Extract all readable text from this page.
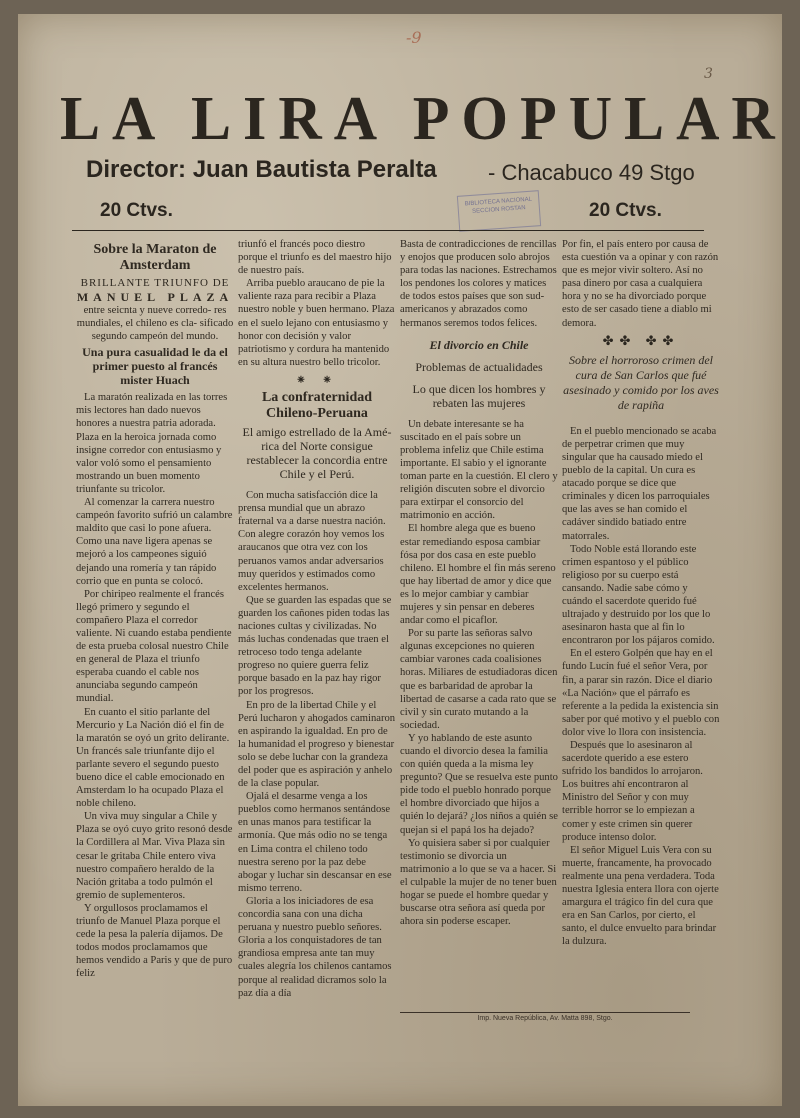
-9
3
LA LIRA POPULAR
Director: Juan Bautista Peralta - Chacabuco 49 Stgo
20 Ctvs.	BIBLIOTECA NACIONAL SECCION ROSTAN	20 Ctvs.
Sobre la Maraton de Amsterdam
BRILLANTE TRIUNFO DE
MANUEL PLAZA

entre seicnta y nueve corredo- res mundiales, el chileno es cla- sificado segundo campeón del mundo.

Una pura casualidad le da el primer puesto al francés mister Huach

La maratón realizada en las torres mis lectores han dado nuevos honores a nuestra patria adorada. Plaza en la heroica jornada como insigne corredor con entusiasmo y valor voló somo el pensamiento mostrando un buen momento triunfante su tricolor.

Al comenzar la carrera nuestro campeón favorito sufrió un calambre maldito que casi lo pone afuera. Como una nave ligera apenas se mejoró a los campeones siguió dejando una romería y tan rápido corrio que en punta se colocó.

Por chiripeo realmente el francés llegó primero y segundo el compañero Plaza el corredor valiente. Ni cuando estaba pendiente de esta prueba colosal nuestro Chile en general de Plaza el triunfo esperaba cuando el cable nos anunciaba segundo campeón mundial.

En cuanto el sitio parlante del Mercurio y La Nación dió el fin de la maratón se oyó un grito delirante. Un francés sale triunfante dijo el parlante severo el segundo puesto bueno dice el cable emocionado en Amsterdam lo ha ocupado Plaza el noble chileno.

Un viva muy singular a Chile y Plaza se oyó cuyo grito resonó desde la Cordillera al Mar. Viva Plaza sin cesar le gritaba Chile entero viva nuestro compañero heraldo de la Nación gritaba a todo pulmón el gremio de suplementeros.

Y orgullosos proclamamos el triunfo de Manuel Plaza porque el cede la pesa la palería dijamos. De todos modos proclamamos que hemos vendido a Paris y que de puro feliz

triunfó el francés poco diestro porque el triunfo es del maestro hijo de nuestro país.

Arriba pueblo araucano de pie la valiente raza para recibir a Plaza nuestro noble y buen hermano. Plaza en el suelo lejano con entusiasmo y honor con decisión y valor patriotismo y cordura ha mantenido en su altura nuestro bello tricolor.

⁕ ⁕
La confraternidad Chileno-Peruana
El amigo estrellado de la Amé- rica del Norte consigue restablecer la concordia entre Chile y el Perú.

Con mucha satisfacción dice la prensa mundial que un abrazo fraternal va a darse nuestra nación. Con alegre corazón hoy vemos los araucanos que otra vez con los peruanos vamos andar adversarios muy queridos y estimados como excelentes hermanos.

Que se guarden las espadas que se guarden los cañones piden todas las naciones cultas y civilizadas. No más luchas condenadas que traen el retroceso todo tenga adelante progreso no quiere guerra feliz porque basado en la paz hay rigor por los progresos.

En pro de la libertad Chile y el Perú lucharon y ahogados caminaron en aspirando la igualdad. En pro de la humanidad el progreso y bienestar solo se debe luchar con la grandeza del poder que es aspiración y anhelo de la clase popular.

Ojalá el desarme venga a los pueblos como hermanos sentándose en unas manos para testificar la armonía. Que más odio no se tenga en Lima contra el chileno todo nuestra sereno por la paz debe abogar y luchar sin descansar en ese mismo terreno.

Gloria a los iniciadores de esa concordia sana con una dicha peruana y nuestro pueblo señores. Gloria a los conquistadores de tan grandiosa empresa ante tan muy cuales alegría los chilenos cantamos porque al realidad dicramos solo la paz día a día

Basta de contradicciones de rencillas y enojos que producen solo abrojos para todas las naciones. Estrechamos los pendones los colores y matices de todos estos países que son sud-americanos y abrazados como hermanos seremos todos felices.

El divorcio en Chile
Problemas de actualidades
Lo que dicen los hombres y rebaten las mujeres

Un debate interesante se ha suscitado en el país sobre un problema infeliz que Chile estima importante. El sabio y el ignorante toman parte en la cuestión. El clero y religión discuten sobre el divorcio para extirpar el consorcio del matrimonio en acción.

El hombre alega que es bueno estar remediando esposa cambiar fósa por dos casa en este pueblo chileno. El hombre el fin más sereno que hay libertad de amor y dice que es lo mejor cambiar y cambiar mujeres y sin pensar en deberes andar como el picaflor.

Por su parte las señoras salvo algunas excepciones no quieren cambiar varones cada coalisiones horas. Miliares de estudiadoras dicen que es barbaridad de aprobar la libertad de casarse a cada rato que se civil y sin curato mutando a la sociedad.

Y yo hablando de este asunto cuando el divorcio desea la familia con quién queda a la misma ley pregunto? Que se resuelva este punto pide todo el pueblo honrado porque el hombre divorciado que hijos a quién lo dejará? ¿los niños a quién se quejan si el papá los ha dejado?

Yo quisiera saber si por cualquier testimonio se divorcia un matrimonio a lo que se va a hacer. Si el culpable la mujer de no tener buen hogar se puede el hombre quedar y buscarse otra señora así queda por ahora sin poderse escaper.

Por fin, el país entero por causa de esta cuestión va a opinar y con razón que es mejor vivir soltero. Así no pasa dinero por casa a cualquiera hora y no se ha divorciado porque esto de ser casado tiene a diablo mi demora.

✤✤ ✤✤
Sobre el horroroso crimen del cura de San Carlos que fué asesinado y comido por los aves de rapiña

En el pueblo mencionado se acaba de perpetrar crimen que muy singular que ha causado miedo el pueblo de la capital. Un cura es atacado porque se dice que criminales y dicen los parroquiales que las aves se han comido el cadáver sindido batiado entre matorrales.

Todo Noble está llorando este crimen espantoso y el público religioso por su cuerpo está cansando. Nadie sabe cómo y cuándo el sacerdote querido fué ultrajado y destruido por los que lo asesinaron hasta que al fin lo encontraron por los pájaros comido.

En el estero Golpén que hay en el fundo Lucín fué el señor Vera, por fin, a parar sin razón. Dice el diario «La Nación» que el párrafo es referente a la pedida la existencia sin saber por qué motivo y el pueblo con dolor vive lo llora con insistencia.

Después que lo asesinaron al sacerdote querido a ese estero sufrido los bandidos lo arrojaron. Los buitres ahí encontraron al Ministro del Señor y con muy terrible horror se lo empiezan a comer y este crimen sin querer produce intenso dolor.

El señor Miguel Luis Vera con su muerte, francamente, ha provocado realmente una pena verdadera. Toda nuestra Iglesia entera llora con ojerte amargura el trágico fin del cura que era en San Carlos, por cierto, el santo, el dulce envuelto para brindar la dulzura.

Imp. Nueva República, Av. Matta 898, Stgo.
